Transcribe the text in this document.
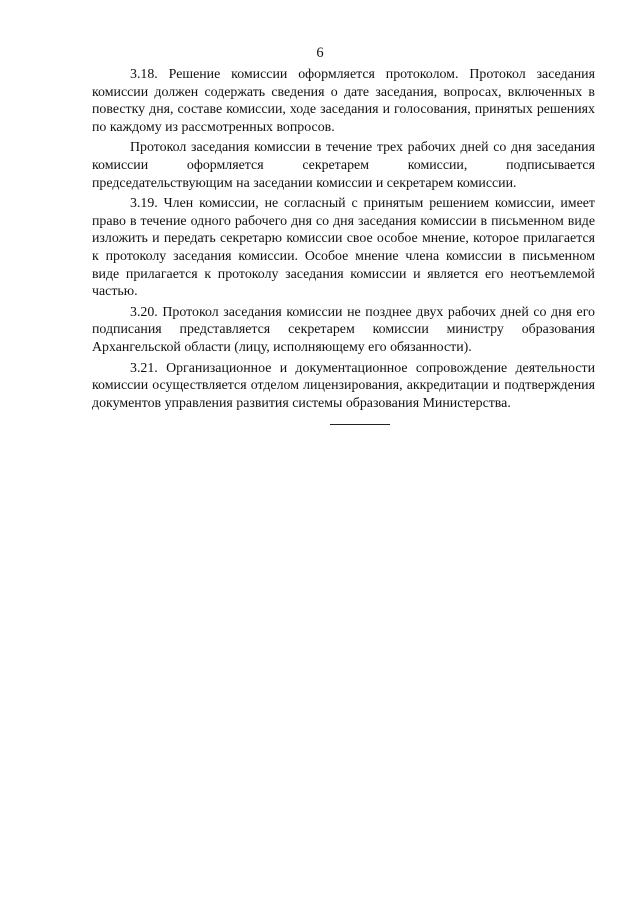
6

3.18. Решение комиссии оформляется протоколом. Протокол заседания комиссии должен содержать сведения о дате заседания, вопросах, включенных в повестку дня, составе комиссии, ходе заседания и голосования, принятых решениях по каждому из рассмотренных вопросов.

Протокол заседания комиссии в течение трех рабочих дней со дня заседания комиссии оформляется секретарем комиссии, подписывается председательствующим на заседании комиссии и секретарем комиссии.

3.19. Член комиссии, не согласный с принятым решением комиссии, имеет право в течение одного рабочего дня со дня заседания комиссии в письменном виде изложить и передать секретарю комиссии свое особое мнение, которое прилагается к протоколу заседания комиссии. Особое мнение члена комиссии в письменном виде прилагается к протоколу заседания комиссии и является его неотъемлемой частью.

3.20. Протокол заседания комиссии не позднее двух рабочих дней со дня его подписания представляется секретарем комиссии министру образования Архангельской области (лицу, исполняющему его обязанности).

3.21. Организационное и документационное сопровождение деятельности комиссии осуществляется отделом лицензирования, аккредитации и подтверждения документов управления развития системы образования Министерства.
